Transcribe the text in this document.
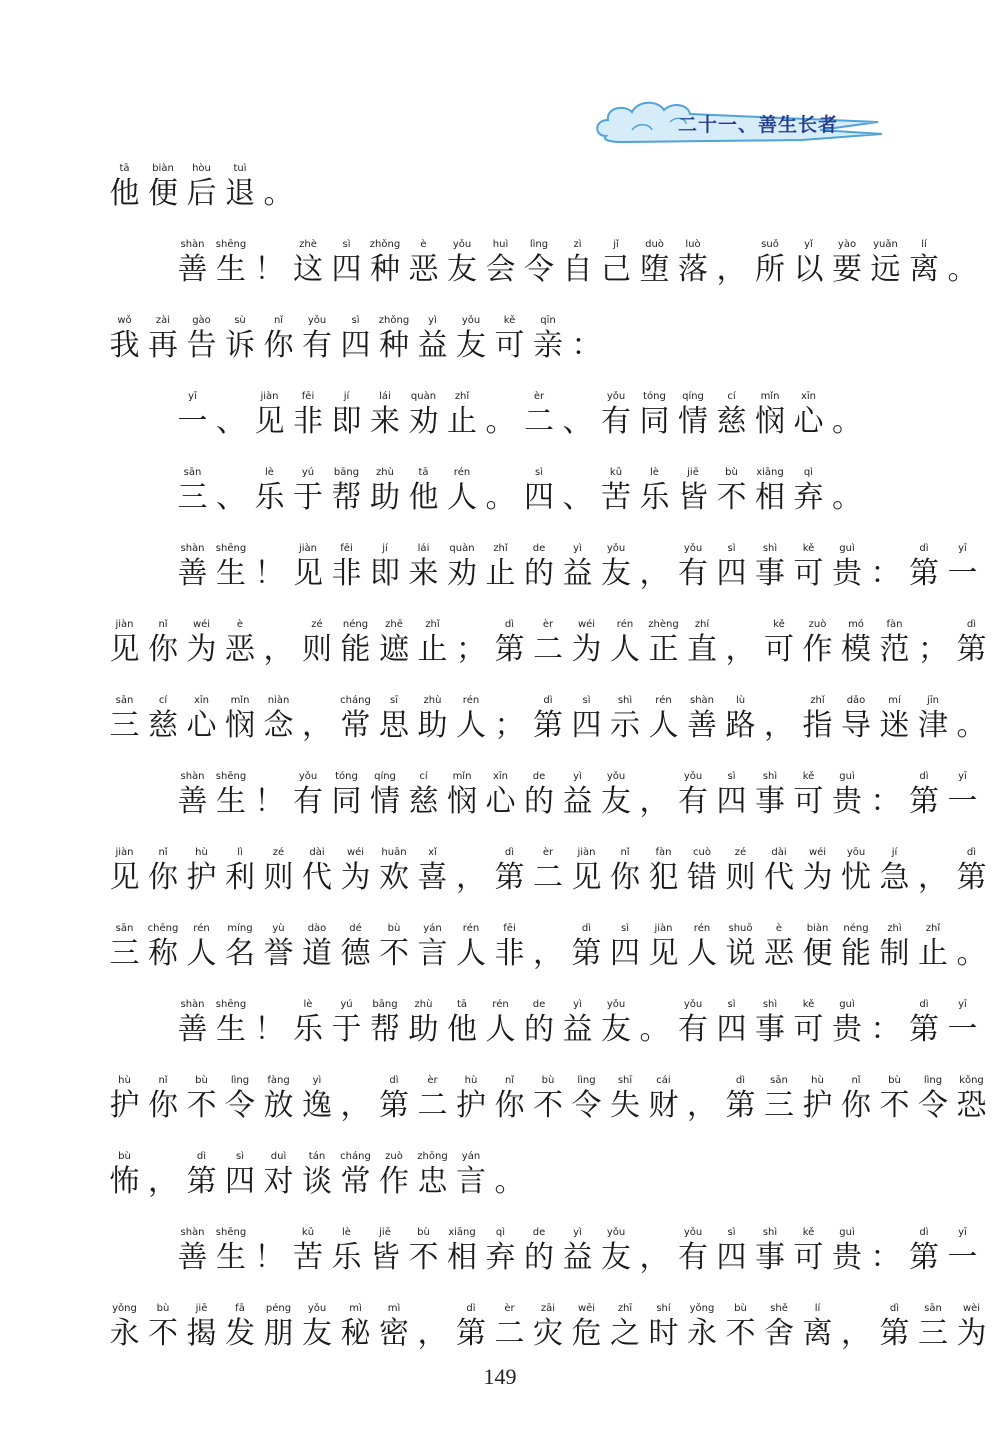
二十一、善生长者
tā
他
biàn
便
hòu
后
tuì
退 。
shàn
善
shēng
生 ！
zhè
这
sì
四
zhǒng
种
è
恶
yǒu
友
huì
会
lìng
令
zì
自
jǐ
己
duò
堕
luò
落 ，
suǒ
所
yǐ
以
yào
要
yuǎn
远
lí
离 。
wǒ
我
zài
再
gào
告
sù
诉
nǐ
你
yǒu
有
sì
四
zhǒng
种
yì
益
yǒu
友
kě
可
qīn
亲 ：
yī
一 、
jiàn
见
fēi
非
jí
即
lái
来
quàn
劝
zhǐ
止 。
èr
二 、
yǒu
有
tóng
同
qíng
情
cí
慈
mǐn
悯
xīn
心 。
sān
三 、
lè
乐
yú
于
bāng
帮
zhù
助
tā
他
rén
人 。
sì
四 、
kǔ
苦
lè
乐
jiē
皆
bù
不
xiāng
相
qì
弃 。
shàn
善
shēng
生 ！
jiàn
见
fēi
非
jí
即
lái
来
quàn
劝
zhǐ
止
de
的
yì
益
yǒu
友 ，
yǒu
有
sì
四
shì
事
kě
可
guì
贵 ：
dì
第
yī
一
jiàn
见
nǐ
你
wéi
为
è
恶 ，
zé
则
néng
能
zhē
遮
zhǐ
止 ；
dì
第
èr
二
wéi
为
rén
人
zhèng
正
zhí
直 ，
kě
可
zuò
作
mó
模
fàn
范 ；
dì
第
sān
三
cí
慈
xīn
心
mǐn
悯
niàn
念 ，
cháng
常
sī
思
zhù
助
rén
人 ；
dì
第
sì
四
shì
示
rén
人
shàn
善
lù
路 ，
zhǐ
指
dǎo
导
mí
迷
jīn
津 。
shàn
善
shēng
生 ！
yǒu
有
tóng
同
qíng
情
cí
慈
mǐn
悯
xīn
心
de
的
yì
益
yǒu
友 ，
yǒu
有
sì
四
shì
事
kě
可
guì
贵 ：
dì
第
yī
一
jiàn
见
nǐ
你
hù
护
lì
利
zé
则
dài
代
wéi
为
huān
欢
xǐ
喜 ，
dì
第
èr
二
jiàn
见
nǐ
你
fàn
犯
cuò
错
zé
则
dài
代
wéi
为
yōu
忧
jí
急 ，
dì
第
sān
三
chēng
称
rén
人
míng
名
yù
誉
dào
道
dé
德
bù
不
yán
言
rén
人
fēi
非 ，
dì
第
sì
四
jiàn
见
rén
人
shuō
说
è
恶
biàn
便
néng
能
zhì
制
zhǐ
止 。
shàn
善
shēng
生 ！
lè
乐
yú
于
bāng
帮
zhù
助
tā
他
rén
人
de
的
yì
益
yǒu
友 。
yǒu
有
sì
四
shì
事
kě
可
guì
贵 ：
dì
第
yī
一
hù
护
nǐ
你
bù
不
lìng
令
fàng
放
yì
逸 ，
dì
第
èr
二
hù
护
nǐ
你
bù
不
lìng
令
shī
失
cái
财 ，
dì
第
sān
三
hù
护
nǐ
你
bù
不
lìng
令
kǒng
恐
bù
怖 ，
dì
第
sì
四
duì
对
tán
谈
cháng
常
zuò
作
zhōng
忠
yán
言 。
shàn
善
shēng
生 ！
kǔ
苦
lè
乐
jiē
皆
bù
不
xiāng
相
qì
弃
de
的
yì
益
yǒu
友 ，
yǒu
有
sì
四
shì
事
kě
可
guì
贵 ：
dì
第
yī
一
yǒng
永
bù
不
jiē
揭
fā
发
péng
朋
yǒu
友
mì
秘
mì
密 ，
dì
第
èr
二
zāi
灾
wēi
危
zhī
之
shí
时
yǒng
永
bù
不
shě
舍
lí
离 ，
dì
第
sān
三
wèi
为
149
